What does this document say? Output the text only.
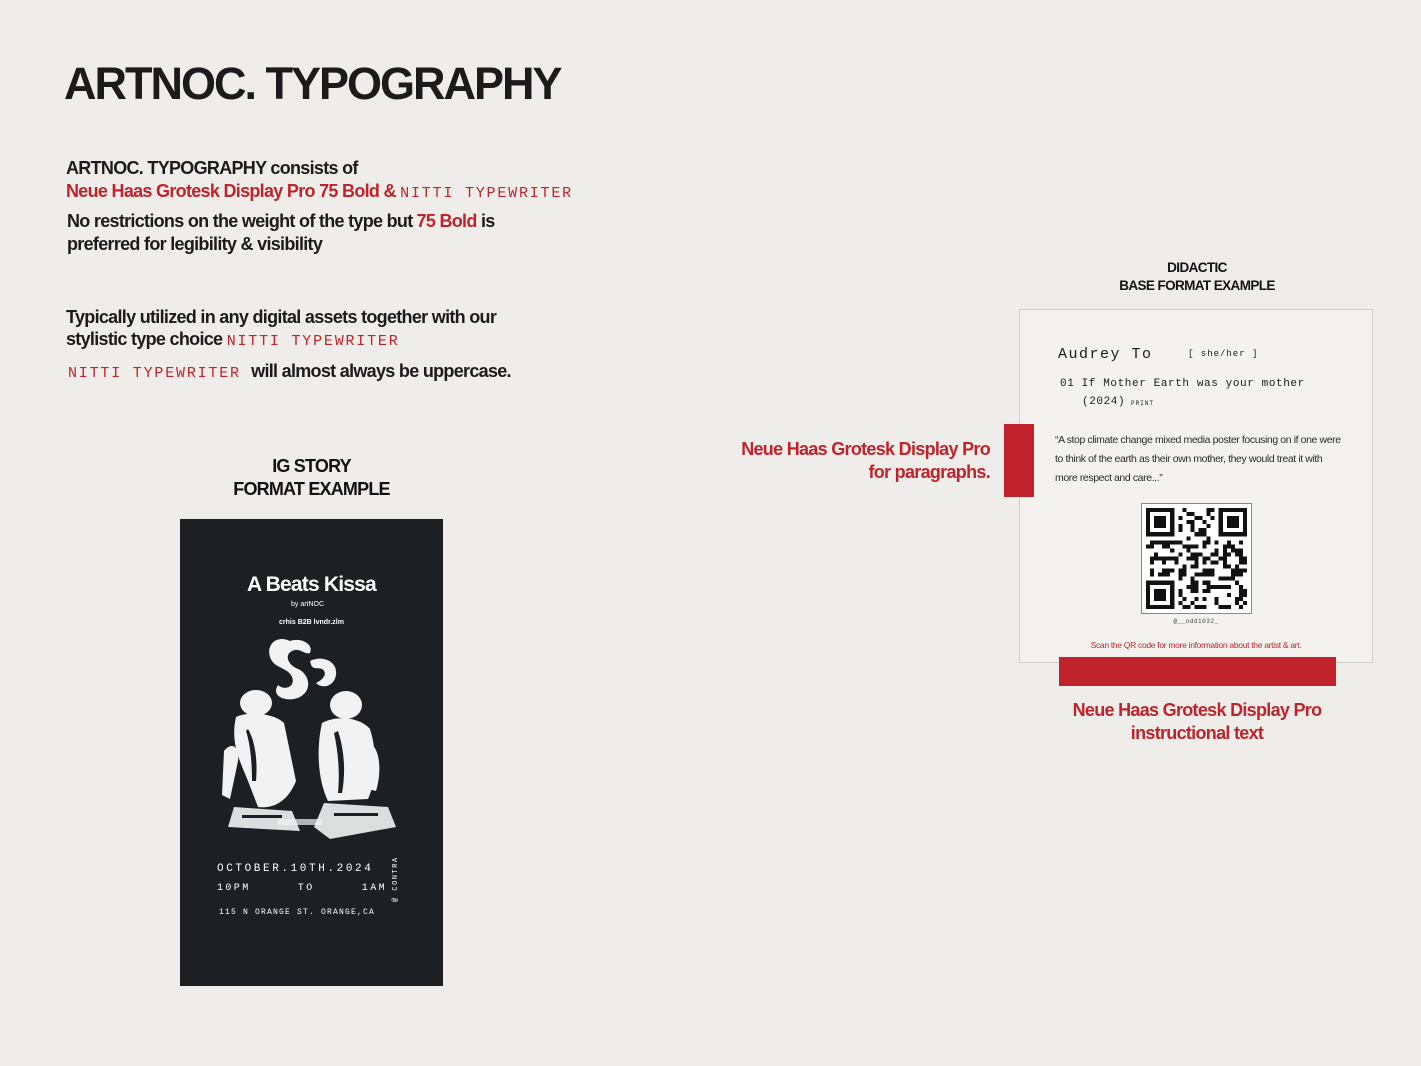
ARTNOC. TYPOGRAPHY
ARTNOC. TYPOGRAPHY consists of
Neue Haas Grotesk Display Pro 75 Bold & NITTI TYPEWRITER
No restrictions on the weight of the type but 75 Bold is
preferred for legibility & visibility
Typically utilized in any digital assets together with our
stylistic type choice NITTI TYPEWRITER
NITTI TYPEWRITER will almost always be uppercase.
IG STORY
FORMAT EXAMPLE
A Beats Kissa
by artNOC
crhis B2B lvndr.zlm
OCTOBER.10TH.2024
10PM	TO	1AM
115 N ORANGE ST. ORANGE,CA
@ CONTRA
DIDACTIC
BASE FORMAT EXAMPLE
Audrey To	[ she/her ]
01 If Mother Earth was your mother
(2024) PRINT
“A stop climate change mixed media poster focusing on if one were to think of the earth as their own mother, they would treat it with more respect and care...”
@__odd1032_
Scan the QR code for more information about the artist & art.
Neue Haas Grotesk Display Pro
for paragraphs.
Neue Haas Grotesk Display Pro
instructional text
